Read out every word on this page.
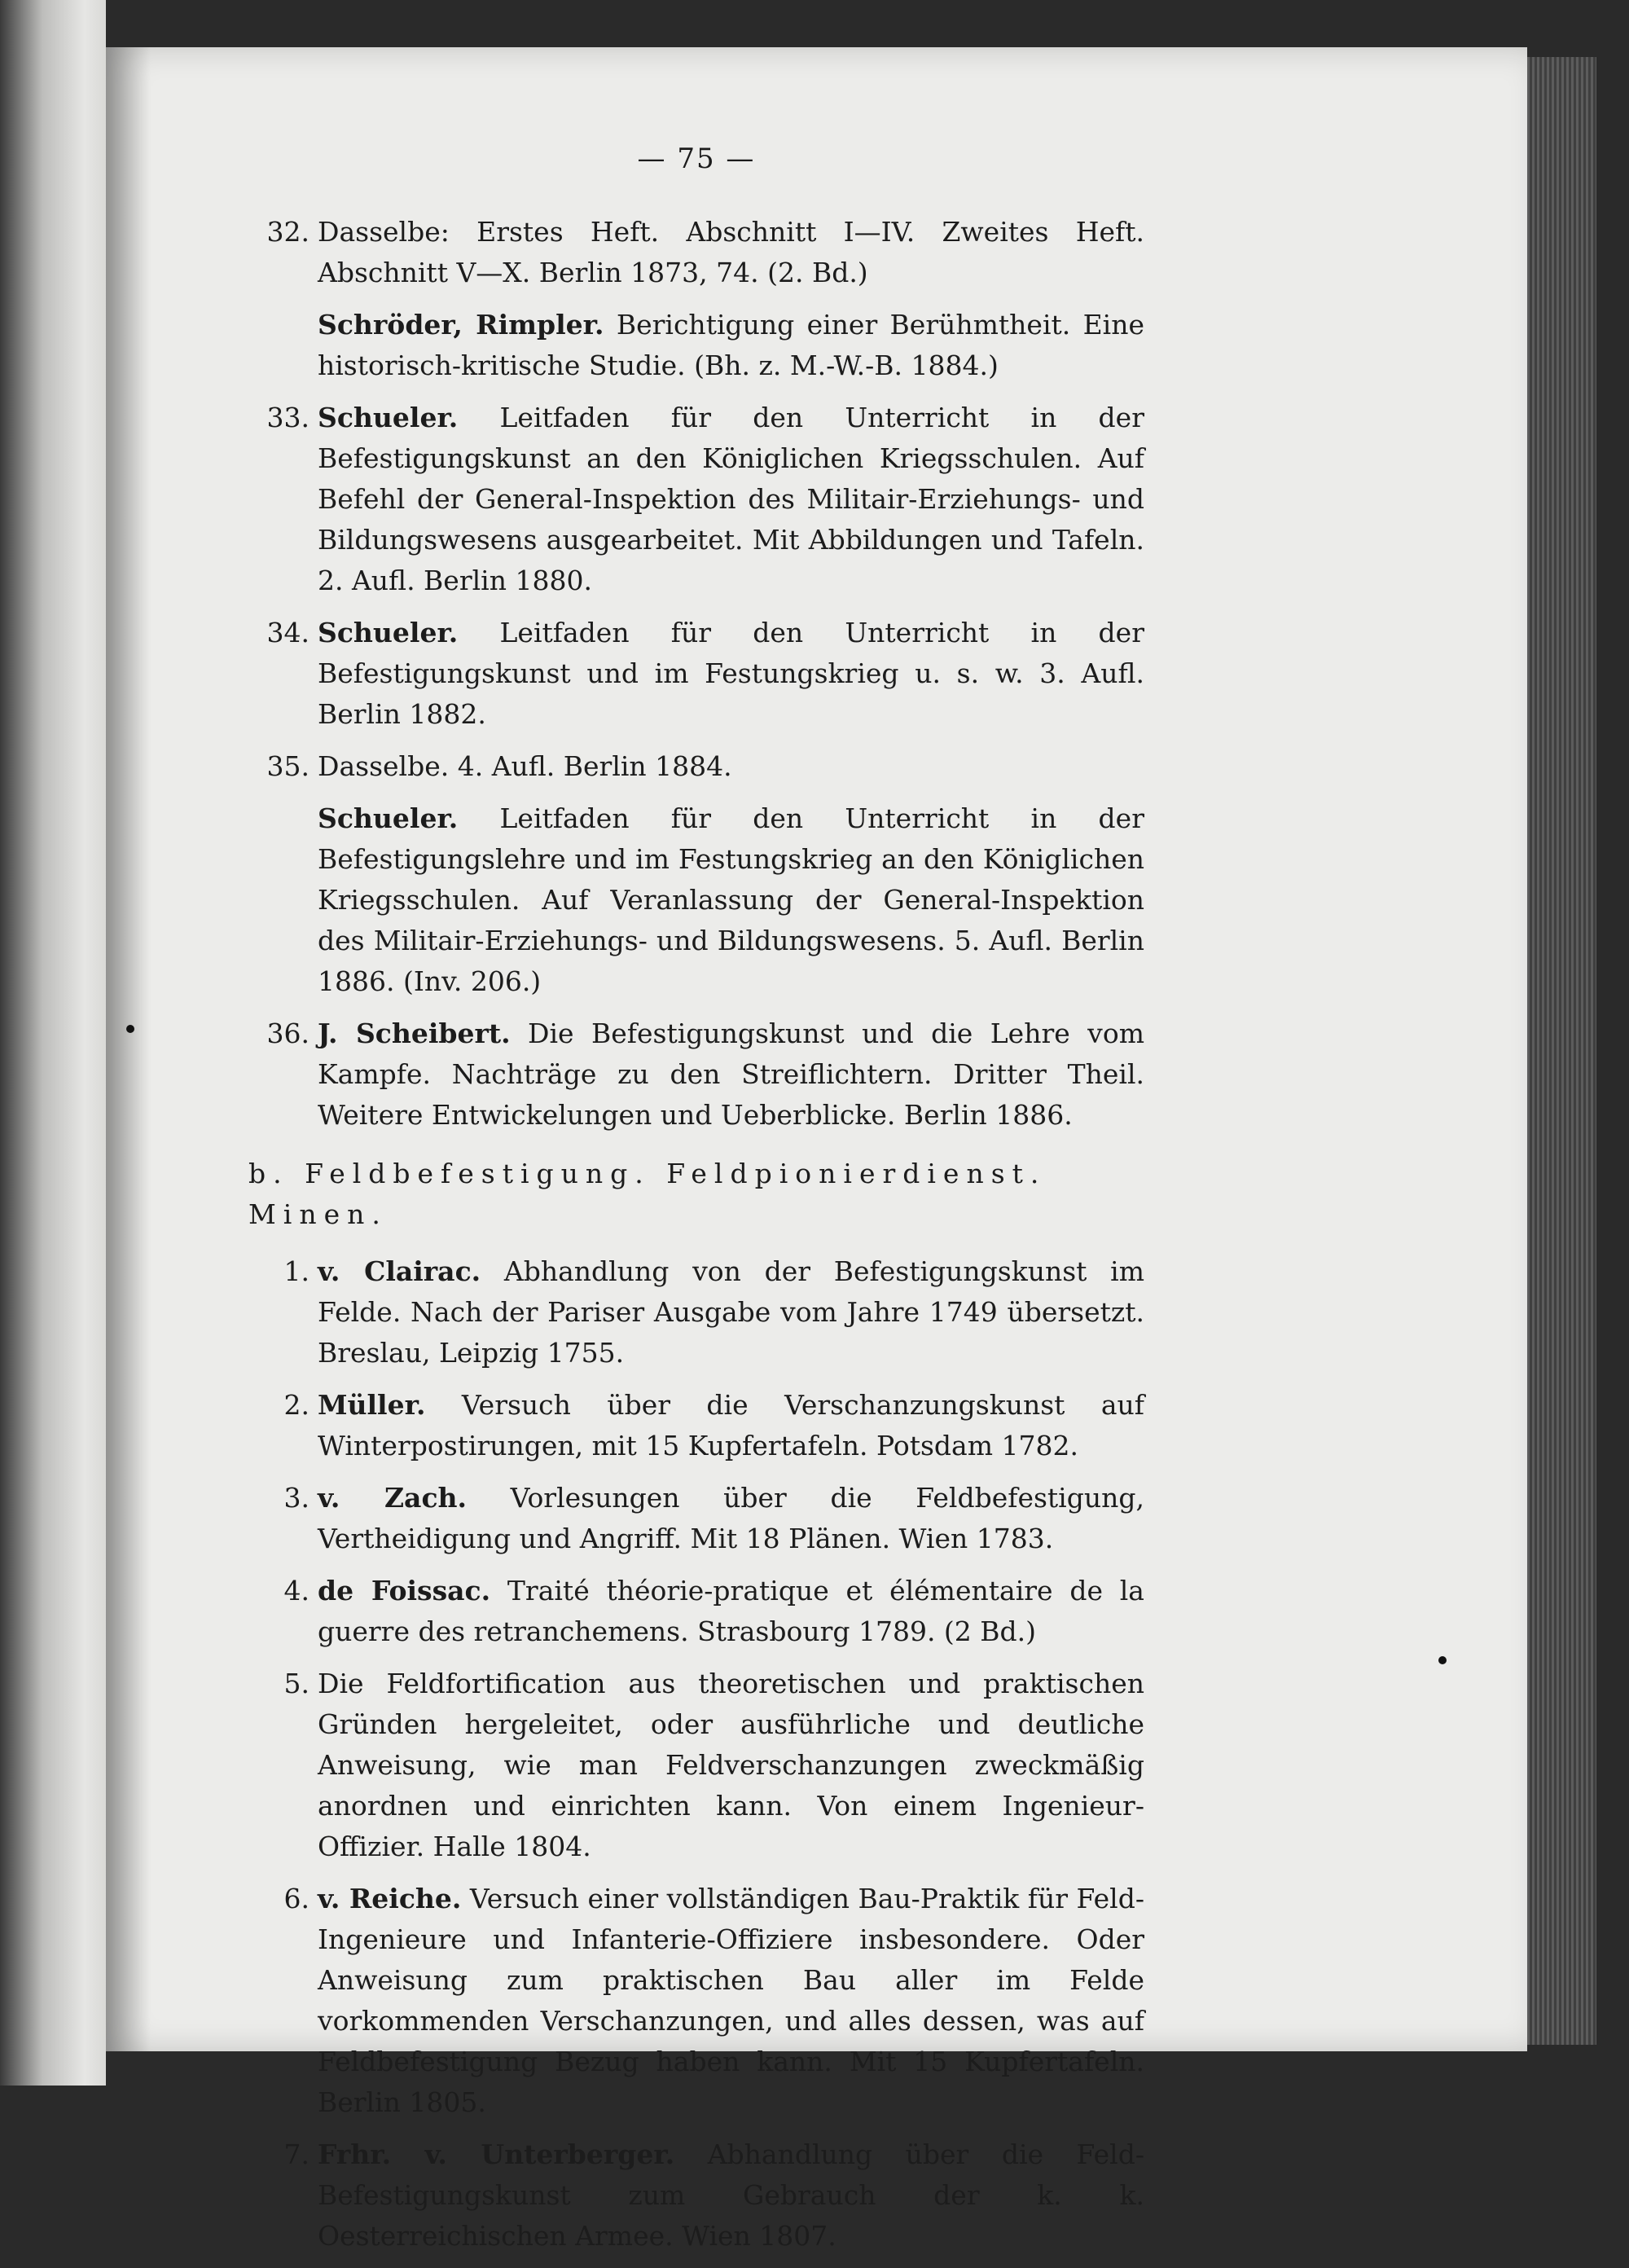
— 75 —
32. Dasselbe: Erstes Heft. Abschnitt I—IV. Zweites Heft. Abschnitt V—X. Berlin 1873, 74. (2. Bd.)
Schröder, Rimpler. Berichtigung einer Berühmtheit. Eine historisch-kritische Studie. (Bh. z. M.-W.-B. 1884.)
33. Schueler. Leitfaden für den Unterricht in der Befestigungskunst an den Königlichen Kriegsschulen. Auf Befehl der General-Inspektion des Militair-Erziehungs- und Bildungswesens ausgearbeitet. Mit Abbildungen und Tafeln. 2. Aufl. Berlin 1880.
34. Schueler. Leitfaden für den Unterricht in der Befestigungskunst und im Festungskrieg u. s. w. 3. Aufl. Berlin 1882.
35. Dasselbe. 4. Aufl. Berlin 1884.
Schueler. Leitfaden für den Unterricht in der Befestigungslehre und im Festungskrieg an den Königlichen Kriegsschulen. Auf Veranlassung der General-Inspektion des Militair-Erziehungs- und Bildungswesens. 5. Aufl. Berlin 1886. (Inv. 206.)
36. J. Scheibert. Die Befestigungskunst und die Lehre vom Kampfe. Nachträge zu den Streiflichtern. Dritter Theil. Weitere Entwickelungen und Ueberblicke. Berlin 1886.
b. Feldbefestigung. Feldpionierdienst. Minen.
1. v. Clairac. Abhandlung von der Befestigungskunst im Felde. Nach der Pariser Ausgabe vom Jahre 1749 übersetzt. Breslau, Leipzig 1755.
2. Müller. Versuch über die Verschanzungskunst auf Winterpostirungen, mit 15 Kupfertafeln. Potsdam 1782.
3. v. Zach. Vorlesungen über die Feldbefestigung, Vertheidigung und Angriff. Mit 18 Plänen. Wien 1783.
4. de Foissac. Traité théorie-pratique et élémentaire de la guerre des retranchemens. Strasbourg 1789. (2 Bd.)
5. Die Feldfortification aus theoretischen und praktischen Gründen hergeleitet, oder ausführliche und deutliche Anweisung, wie man Feldverschanzungen zweckmäßig anordnen und einrichten kann. Von einem Ingenieur-Offizier. Halle 1804.
6. v. Reiche. Versuch einer vollständigen Bau-Praktik für Feld-Ingenieure und Infanterie-Offiziere insbesondere. Oder Anweisung zum praktischen Bau aller im Felde vorkommenden Verschanzungen, und alles dessen, was auf Feldbefestigung Bezug haben kann. Mit 15 Kupfertafeln. Berlin 1805.
7. Frhr. v. Unterberger. Abhandlung über die Feld-Befestigungskunst zum Gebrauch der k. k. Oesterreichischen Armee. Wien 1807.
